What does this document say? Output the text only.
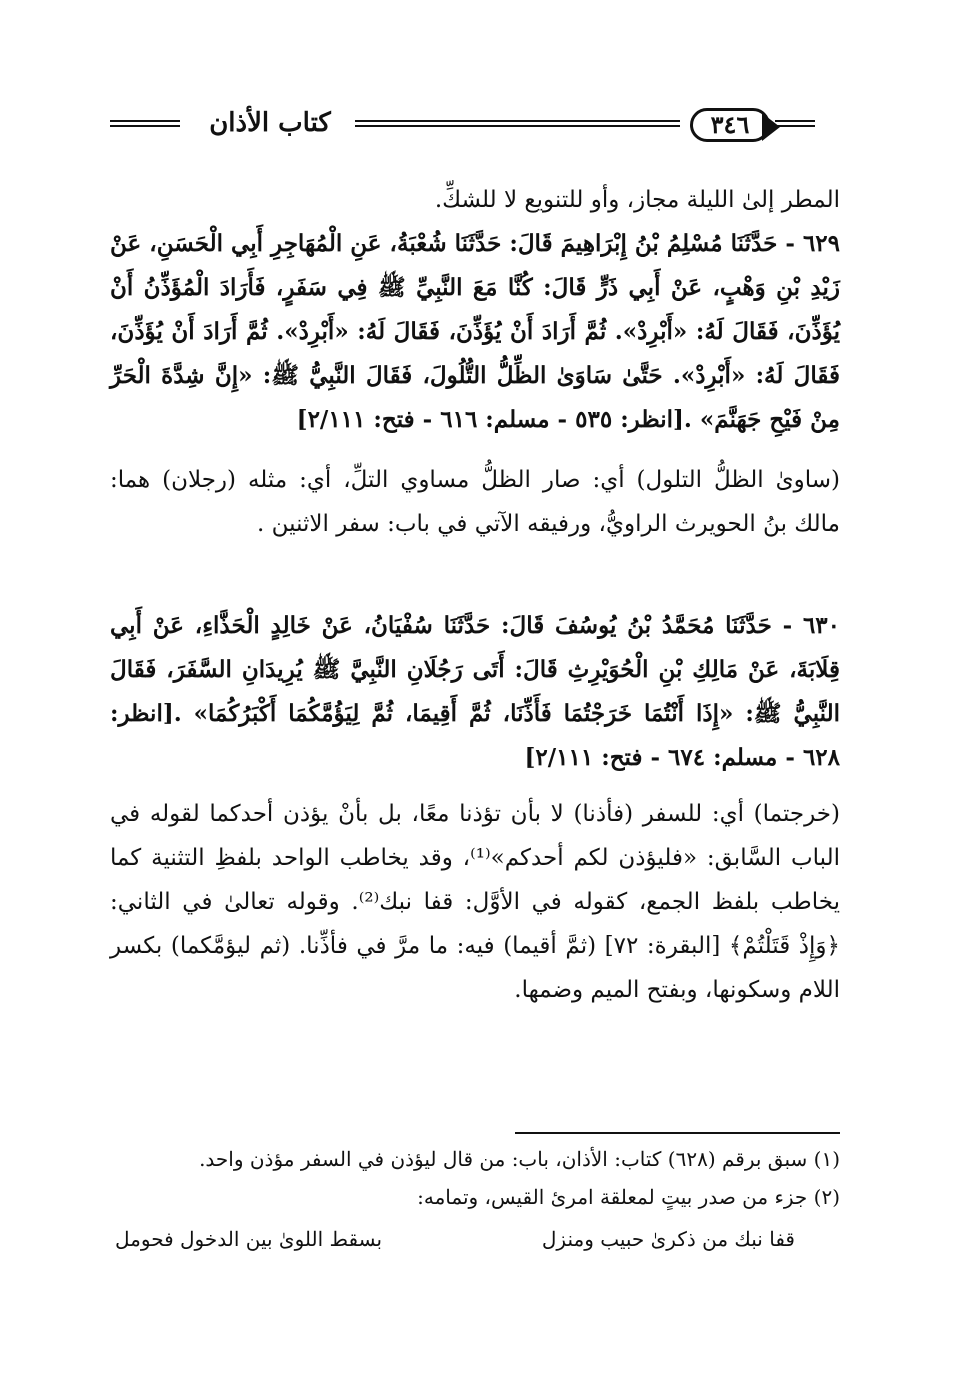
كتاب الأذان	٣٤٦

المطر إلىٰ الليلة مجاز، وأو للتنويع لا للشكِّ.

٦٢٩ - حَدَّثَنَا مُسْلِمُ بْنُ إِبْرَاهِيمَ قَالَ: حَدَّثَنَا شُعْبَةُ، عَنِ الْمُهَاجِرِ أَبِي الْحَسَنِ، عَنْ زَيْدِ بْنِ وَهْبٍ، عَنْ أَبِي ذَرٍّ قَالَ: كُنَّا مَعَ النَّبِيِّ ﷺ فِي سَفَرٍ، فَأَرَادَ الْمُؤَذِّنُ أَنْ يُؤَذِّنَ، فَقَالَ لَهُ: «أَبْرِدْ». ثُمَّ أَرَادَ أَنْ يُؤَذِّنَ، فَقَالَ لَهُ: «أَبْرِدْ». ثُمَّ أَرَادَ أَنْ يُؤَذِّنَ، فَقَالَ لَهُ: «أَبْرِدْ». حَتَّىٰ سَاوَىٰ الظِّلُّ التُّلُولَ، فَقَالَ النَّبِيُّ ﷺ: «إِنَّ شِدَّةَ الْحَرِّ مِنْ فَيْحِ جَهَنَّمَ» .[انظر: ٥٣٥ - مسلم: ٦١٦ - فتح: ٢/١١١]

(ساوىٰ الظلُّ التلول) أي: صار الظلُّ مساوي التلِّ، أي: مثله (رجلان) هما: مالك بنُ الحويرث الراويُّ، ورفيقه الآتي في باب: سفر الاثنين .

٦٣٠ - حَدَّثَنَا مُحَمَّدُ بْنُ يُوسُفَ قَالَ: حَدَّثَنَا سُفْيَانُ، عَنْ خَالِدٍ الْحَذَّاءِ، عَنْ أَبِي قِلَابَةَ، عَنْ مَالِكِ بْنِ الْحُوَيْرِثِ قَالَ: أَتَى رَجُلَانِ النَّبِيَّ ﷺ يُرِيدَانِ السَّفَرَ، فَقَالَ النَّبِيُّ ﷺ: «إِذَا أَنْتُمَا خَرَجْتُمَا فَأَذِّنَا، ثُمَّ أَقِيمَا، ثُمَّ لِيَؤُمَّكُمَا أَكْبَرُكُمَا» .[انظر: ٦٢٨ - مسلم: ٦٧٤ - فتح: ٢/١١١]

(خرجتما) أي: للسفر (فأذنا) لا بأن تؤذنا معًا، بل بأنْ يؤذن أحدكما لقوله في الباب السَّابق: «فليؤذن لكم أحدكم»⁽¹⁾، وقد يخاطب الواحد بلفظِ التثنية كما يخاطب بلفظ الجمع، كقوله في الأوَّل: قفا نبك⁽²⁾. وقوله تعالىٰ في الثاني: ﴿وَإِذْ قَتَلْتُمْ﴾ [البقرة: ٧٢] (ثمَّ أقيما) فيه: ما مرَّ في فأذِّنا. (ثم ليؤمَّكما) بكسر اللام وسكونها، وبفتح الميم وضمها.

(١) سبق برقم (٦٢٨) كتاب: الأذان، باب: من قال ليؤذن في السفر مؤذن واحد.

(٢) جزء من صدر بيتٍ لمعلقة امرئ القيس، وتمامه:

قفا نبك من ذكرىٰ حبيب ومنزل
بسقط اللوىٰ بين الدخول فحومل
